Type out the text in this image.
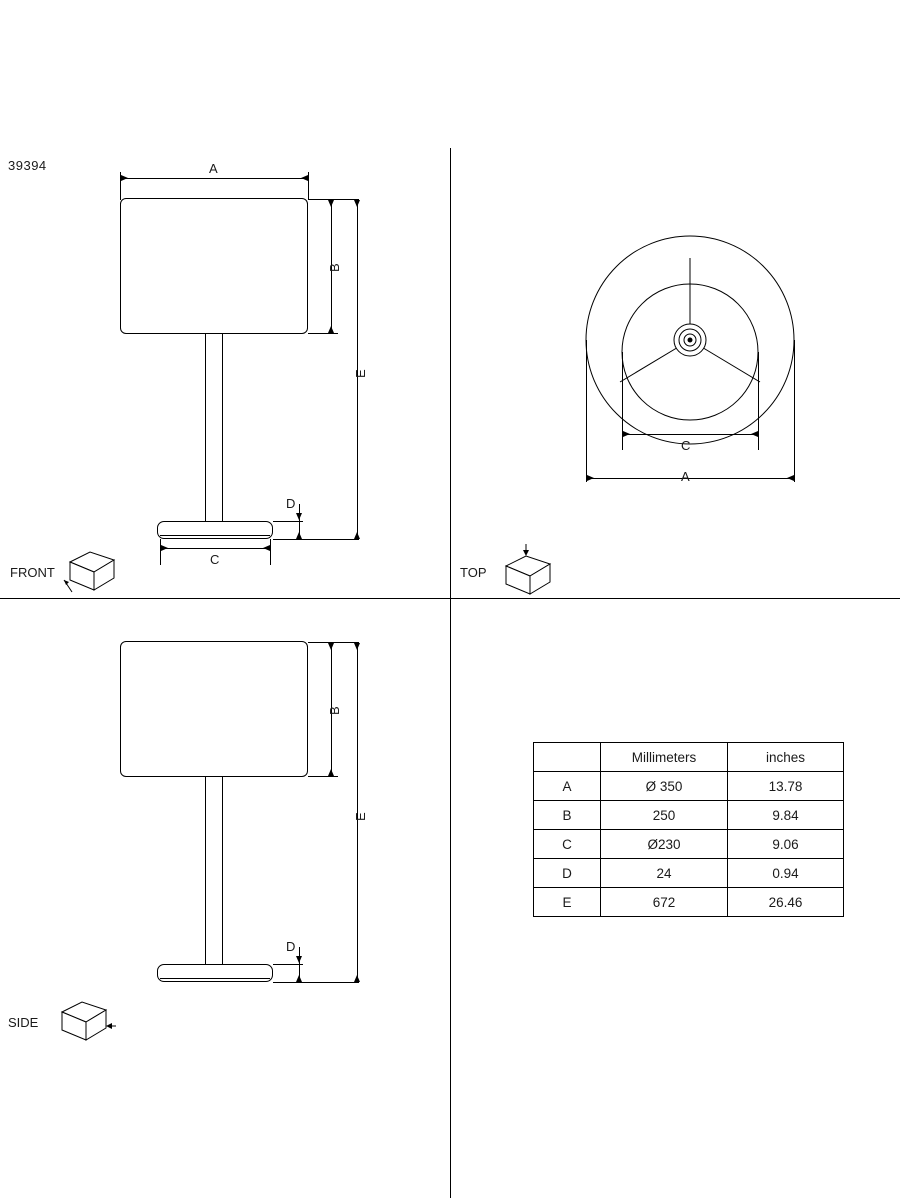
39394	A
B
E
D
C
FRONT
C
A
TOP
B
E
D
SIDE
	Millimeters	inches
A	Ø 350	13.78
B	250	9.84
C	Ø230	9.06
D	24	0.94
E	672	26.46
